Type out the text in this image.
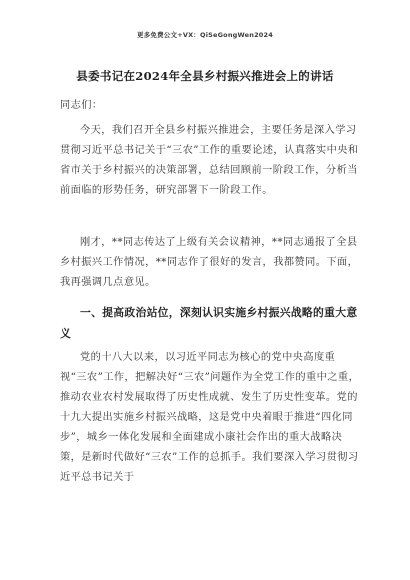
更多免费公文+VX：QiSeGongWen2024
县委书记在2024年全县乡村振兴推进会上的讲话

同志们：

今天，我们召开全县乡村振兴推进会，主要任务是深入学习贯彻习近平总书记关于“三农”工作的重要论述，认真落实中央和省市关于乡村振兴的决策部署，总结回顾前一阶段工作，分析当前面临的形势任务，研究部署下一阶段工作。

刚才，**同志传达了上级有关会议精神，**同志通报了全县乡村振兴工作情况，**同志作了很好的发言，我都赞同。下面，我再强调几点意见。

一、提高政治站位，深刻认识实施乡村振兴战略的重大意义

党的十八大以来，以习近平同志为核心的党中央高度重视“三农”工作，把解决好“三农”问题作为全党工作的重中之重，推动农业农村发展取得了历史性成就、发生了历史性变革。党的十九大提出实施乡村振兴战略，这是党中央着眼于推进“四化同步”，城乡一体化发展和全面建成小康社会作出的重大战略决策，是新时代做好“三农”工作的总抓手。我们要深入学习贯彻习近平总书记关于
